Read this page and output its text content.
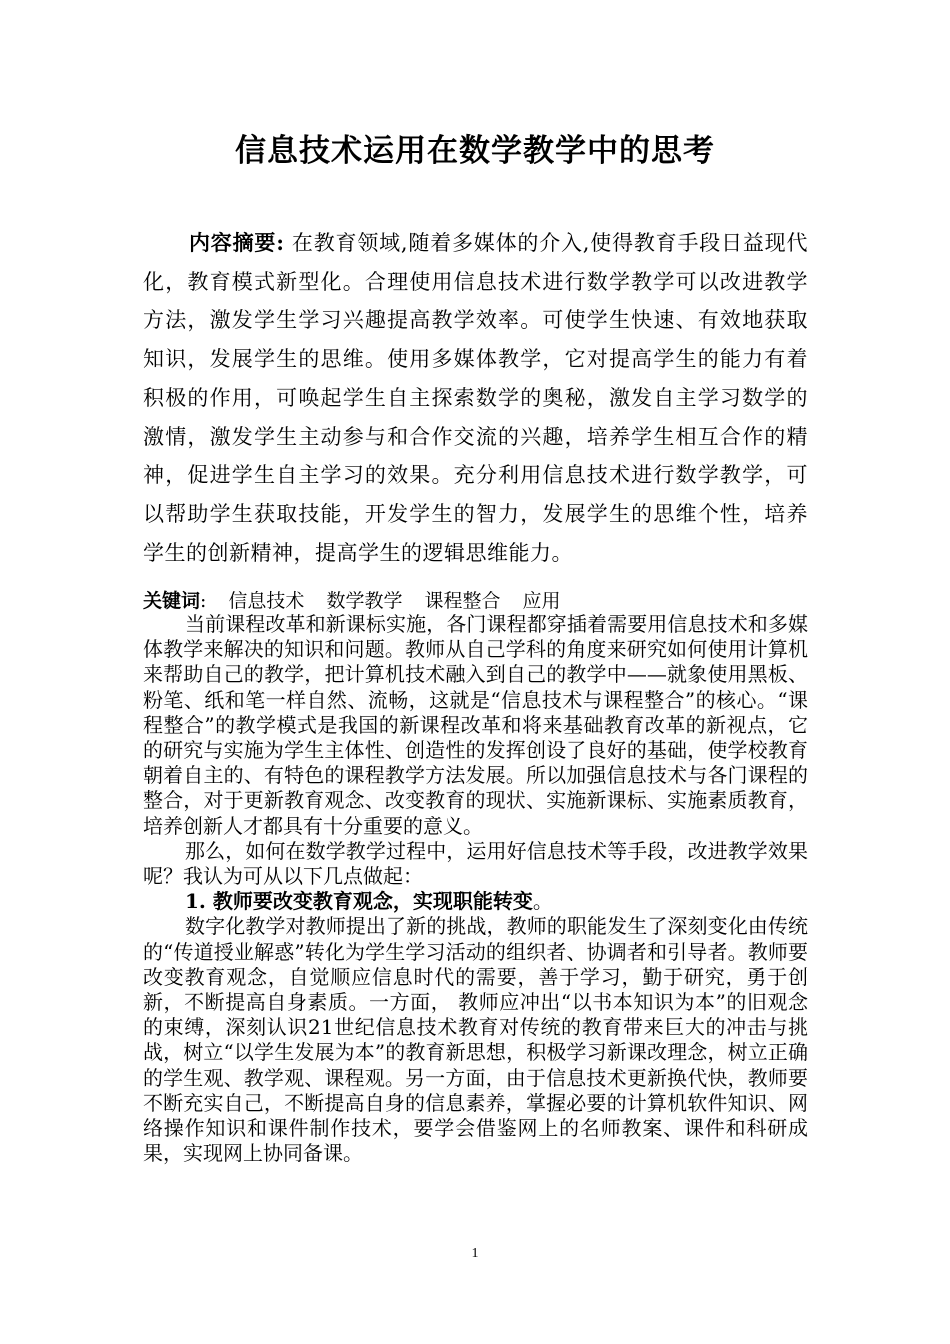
信息技术运用在数学教学中的思考

内容摘要: 在教育领域,随着多媒体的介入,使得教育手段日益现代化，教育模式新型化。合理使用信息技术进行数学教学可以改进教学方法，激发学生学习兴趣提高教学效率。可使学生快速、有效地获取知识，发展学生的思维。使用多媒体教学，它对提高学生的能力有着积极的作用，可唤起学生自主探索数学的奥秘，激发自主学习数学的激情，激发学生主动参与和合作交流的兴趣，培养学生相互合作的精神，促进学生自主学习的效果。充分利用信息技术进行数学教学，可以帮助学生获取技能，开发学生的智力，发展学生的思维个性，培养学生的创新精神，提高学生的逻辑思维能力。

关键词: 信息技术 数学教学 课程整合 应用

当前课程改革和新课标实施，各门课程都穿插着需要用信息技术和多媒体教学来解决的知识和问题。教师从自己学科的角度来研究如何使用计算机来帮助自己的教学，把计算机技术融入到自己的教学中——就象使用黑板、粉笔、纸和笔一样自然、流畅，这就是“信息技术与课程整合”的核心。“课程整合”的教学模式是我国的新课程改革和将来基础教育改革的新视点，它的研究与实施为学生主体性、创造性的发挥创设了良好的基础，使学校教育朝着自主的、有特色的课程教学方法发展。所以加强信息技术与各门课程的整合，对于更新教育观念、改变教育的现状、实施新课标、实施素质教育，培养创新人才都具有十分重要的意义。

那么，如何在数学教学过程中，运用好信息技术等手段，改进教学效果呢？我认为可从以下几点做起：

1. 教师要改变教育观念，实现职能转变。

数字化教学对教师提出了新的挑战，教师的职能发生了深刻变化由传统的“传道授业解惑”转化为学生学习活动的组织者、协调者和引导者。教师要改变教育观念，自觉顺应信息时代的需要，善于学习，勤于研究，勇于创新，不断提高自身素质。一方面， 教师应冲出“以书本知识为本”的旧观念的束缚，深刻认识21世纪信息技术教育对传统的教育带来巨大的冲击与挑战，树立“以学生发展为本”的教育新思想，积极学习新课改理念，树立正确的学生观、教学观、课程观。另一方面，由于信息技术更新换代快，教师要不断充实自己，不断提高自身的信息素养，掌握必要的计算机软件知识、网络操作知识和课件制作技术，要学会借鉴网上的名师教案、课件和科研成果，实现网上协同备课。

1
